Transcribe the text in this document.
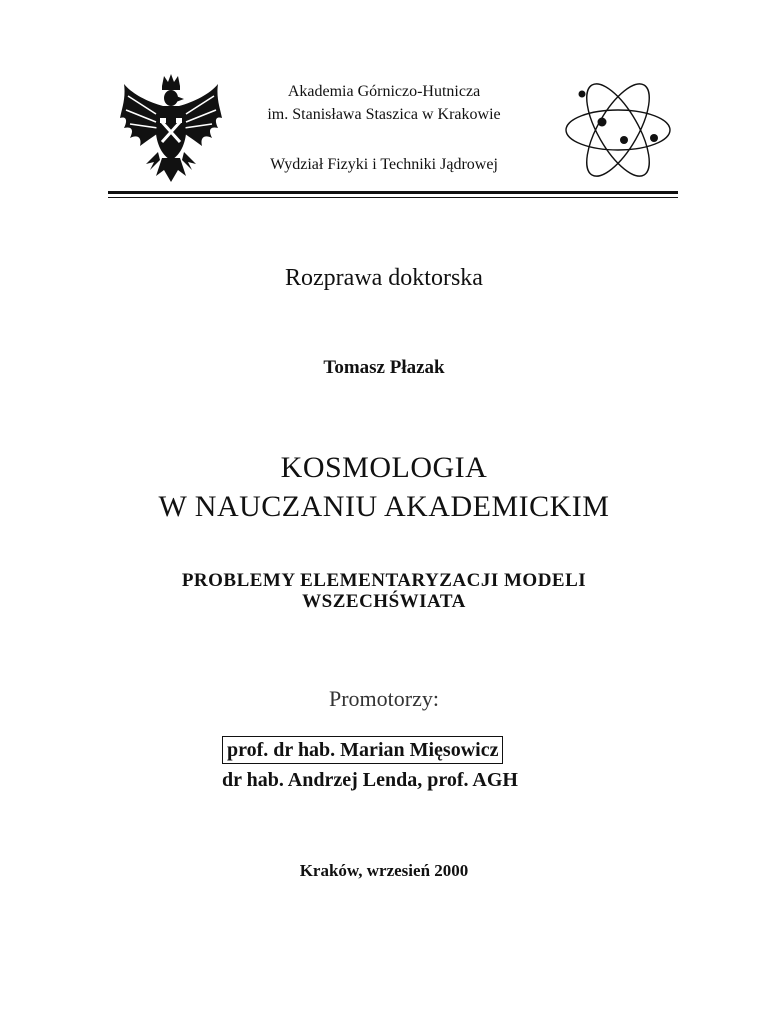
Akademia Górniczo-Hutnicza
im. Stanisława Staszica w Krakowie
Wydział Fizyki i Techniki Jądrowej
Rozprawa doktorska
Tomasz Płazak
KOSMOLOGIA
W NAUCZANIU AKADEMICKIM
PROBLEMY ELEMENTARYZACJI MODELI
WSZECHŚWIATA
Promotorzy:
prof. dr hab. Marian Mięsowicz
dr hab. Andrzej Lenda, prof. AGH
Kraków, wrzesień 2000
